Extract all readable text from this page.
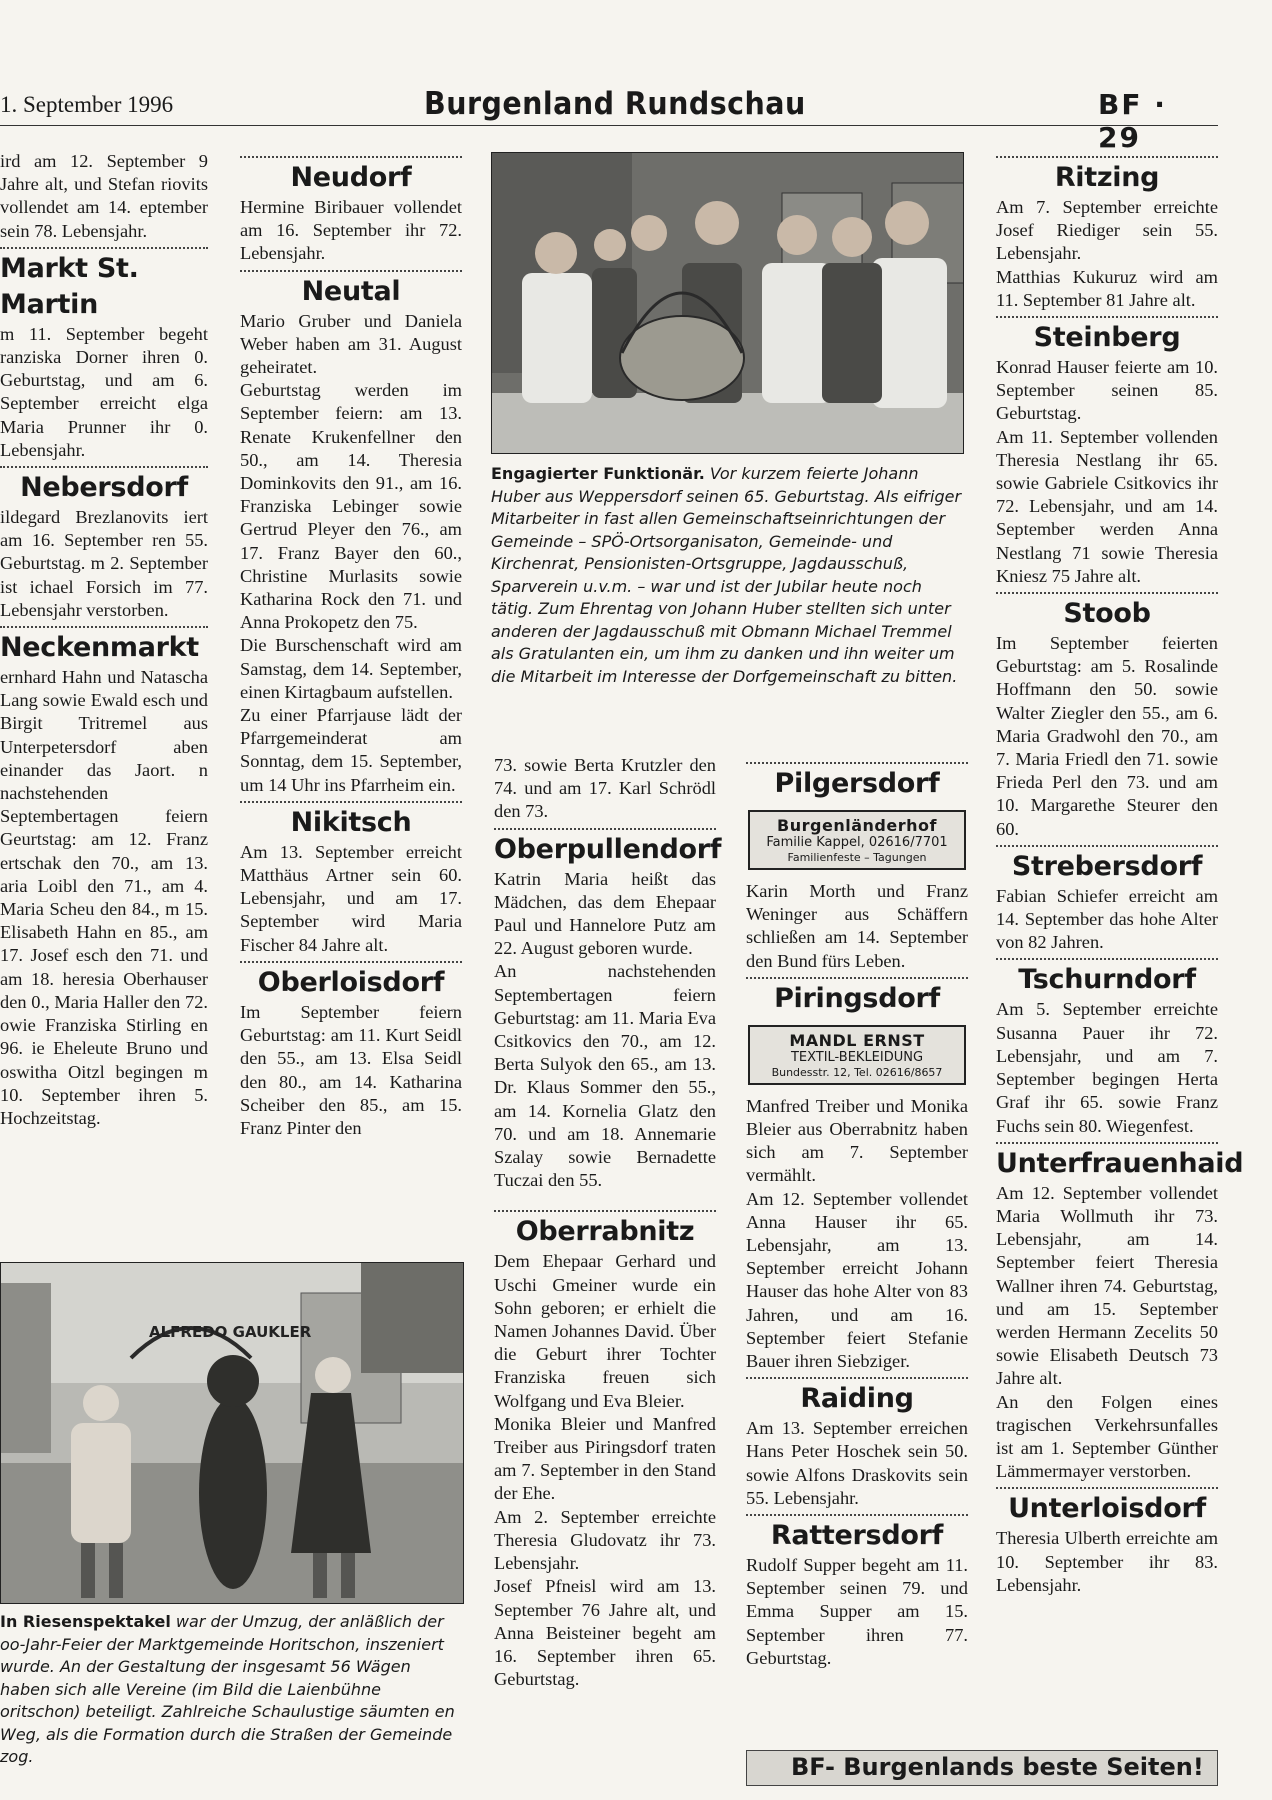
1. September 1996	Burgenland Rundschau	BF · 29

ird am 12. September 9 Jahre alt, und Stefan riovits vollendet am 14. eptember sein 78. Lebensjahr.

Markt St. Martin

m 11. September begeht ranziska Dorner ihren 0. Geburtstag, und am 6. September erreicht elga Maria Prunner ihr 0. Lebensjahr.

Nebersdorf

ildegard Brezlanovits iert am 16. September ren 55. Geburtstag. m 2. September ist ichael Forsich im 77. Lebensjahr verstorben.

Neckenmarkt

ernhard Hahn und Natascha Lang sowie Ewald esch und Birgit Tritremel aus Unterpetersdorf aben einander das Jaort. n nachstehenden Septembertagen feiern Geurtstag: am 12. Franz ertschak den 70., am 13. aria Loibl den 71., am 4. Maria Scheu den 84., m 15. Elisabeth Hahn en 85., am 17. Josef esch den 71. und am 18. heresia Oberhauser den 0., Maria Haller den 72. owie Franziska Stirling en 96. ie Eheleute Bruno und oswitha Oitzl begingen m 10. September ihren 5. Hochzeitstag.

Neudorf

Hermine Biribauer vollendet am 16. September ihr 72. Lebensjahr.

Neutal

Mario Gruber und Daniela Weber haben am 31. August geheiratet.

Geburtstag werden im September feiern: am 13. Renate Krukenfellner den 50., am 14. Theresia Dominkovits den 91., am 16. Franziska Lebinger sowie Gertrud Pleyer den 76., am 17. Franz Bayer den 60., Christine Murlasits sowie Katharina Rock den 71. und Anna Prokopetz den 75.

Die Burschenschaft wird am Samstag, dem 14. September, einen Kirtagbaum aufstellen.

Zu einer Pfarrjause lädt der Pfarrgemeinderat am Sonntag, dem 15. September, um 14 Uhr ins Pfarrheim ein.

Nikitsch

Am 13. September erreicht Matthäus Artner sein 60. Lebensjahr, und am 17. September wird Maria Fischer 84 Jahre alt.

Oberloisdorf

Im September feiern Geburtstag: am 11. Kurt Seidl den 55., am 13. Elsa Seidl den 80., am 14. Katharina Scheiber den 85., am 15. Franz Pinter den

Engagierter Funktionär. Vor kurzem feierte Johann Huber aus Weppersdorf seinen 65. Geburtstag. Als eifriger Mitarbeiter in fast allen Gemeinschaftseinrichtungen der Gemeinde – SPÖ-Ortsorganisaton, Gemeinde- und Kirchenrat, Pensionisten-Ortsgruppe, Jagdausschuß, Sparverein u.v.m. – war und ist der Jubilar heute noch tätig. Zum Ehrentag von Johann Huber stellten sich unter anderen der Jagdausschuß mit Obmann Michael Tremmel als Gratulanten ein, um ihm zu danken und ihn weiter um die Mitarbeit im Interesse der Dorfgemeinschaft zu bitten.

73. sowie Berta Krutzler den 74. und am 17. Karl Schrödl den 73.

Oberpullendorf

Katrin Maria heißt das Mädchen, das dem Ehepaar Paul und Hannelore Putz am 22. August geboren wurde.

An nachstehenden Septembertagen feiern Geburtstag: am 11. Maria Eva Csitkovics den 70., am 12. Berta Sulyok den 65., am 13. Dr. Klaus Sommer den 55., am 14. Kornelia Glatz den 70. und am 18. Annemarie Szalay sowie Bernadette Tuczai den 55.

Oberrabnitz

Dem Ehepaar Gerhard und Uschi Gmeiner wurde ein Sohn geboren; er erhielt die Namen Johannes David. Über die Geburt ihrer Tochter Franziska freuen sich Wolfgang und Eva Bleier.

Monika Bleier und Manfred Treiber aus Piringsdorf traten am 7. September in den Stand der Ehe.

Am 2. September erreichte Theresia Gludovatz ihr 73. Lebensjahr.

Josef Pfneisl wird am 13. September 76 Jahre alt, und Anna Beisteiner begeht am 16. September ihren 65. Geburtstag.

Pilgersdorf
Burgenländerhof
Familie Kappel, 02616/7701
Familienfeste – Tagungen

Karin Morth und Franz Weninger aus Schäffern schließen am 14. September den Bund fürs Leben.

Piringsdorf
MANDL ERNST
TEXTIL-BEKLEIDUNG
Bundesstr. 12, Tel. 02616/8657

Manfred Treiber und Monika Bleier aus Oberrabnitz haben sich am 7. September vermählt.

Am 12. September vollendet Anna Hauser ihr 65. Lebensjahr, am 13. September erreicht Johann Hauser das hohe Alter von 83 Jahren, und am 16. September feiert Stefanie Bauer ihren Siebziger.

Raiding

Am 13. September erreichen Hans Peter Hoschek sein 50. sowie Alfons Draskovits sein 55. Lebensjahr.

Rattersdorf

Rudolf Supper begeht am 11. September seinen 79. und Emma Supper am 15. September ihren 77. Geburtstag.

Ritzing

Am 7. September erreichte Josef Riediger sein 55. Lebensjahr.

Matthias Kukuruz wird am 11. September 81 Jahre alt.

Steinberg

Konrad Hauser feierte am 10. September seinen 85. Geburtstag.

Am 11. September vollenden Theresia Nestlang ihr 65. sowie Gabriele Csitkovics ihr 72. Lebensjahr, und am 14. September werden Anna Nestlang 71 sowie Theresia Kniesz 75 Jahre alt.

Stoob

Im September feierten Geburtstag: am 5. Rosalinde Hoffmann den 50. sowie Walter Ziegler den 55., am 6. Maria Gradwohl den 70., am 7. Maria Friedl den 71. sowie Frieda Perl den 73. und am 10. Margarethe Steurer den 60.

Strebersdorf

Fabian Schiefer erreicht am 14. September das hohe Alter von 82 Jahren.

Tschurndorf

Am 5. September erreichte Susanna Pauer ihr 72. Lebensjahr, und am 7. September begingen Herta Graf ihr 65. sowie Franz Fuchs sein 80. Wiegenfest.

Unterfrauenhaid

Am 12. September vollendet Maria Wollmuth ihr 73. Lebensjahr, am 14. September feiert Theresia Wallner ihren 74. Geburtstag, und am 15. September werden Hermann Zecelits 50 sowie Elisabeth Deutsch 73 Jahre alt.

An den Folgen eines tragischen Verkehrsunfalles ist am 1. September Günther Lämmermayer verstorben.

Unterloisdorf

Theresia Ulberth erreichte am 10. September ihr 83. Lebensjahr.

ALFREDO GAUKLER
In Riesenspektakel war der Umzug, der anläßlich der oo-Jahr-Feier der Marktgemeinde Horitschon, inszeniert wurde. An der Gestaltung der insgesamt 56 Wägen haben sich alle Vereine (im Bild die Laienbühne oritschon) beteiligt. Zahlreiche Schaulustige säumten en Weg, als die Formation durch die Straßen der Gemeinde zog.	BF- Burgenlands beste Seiten!
